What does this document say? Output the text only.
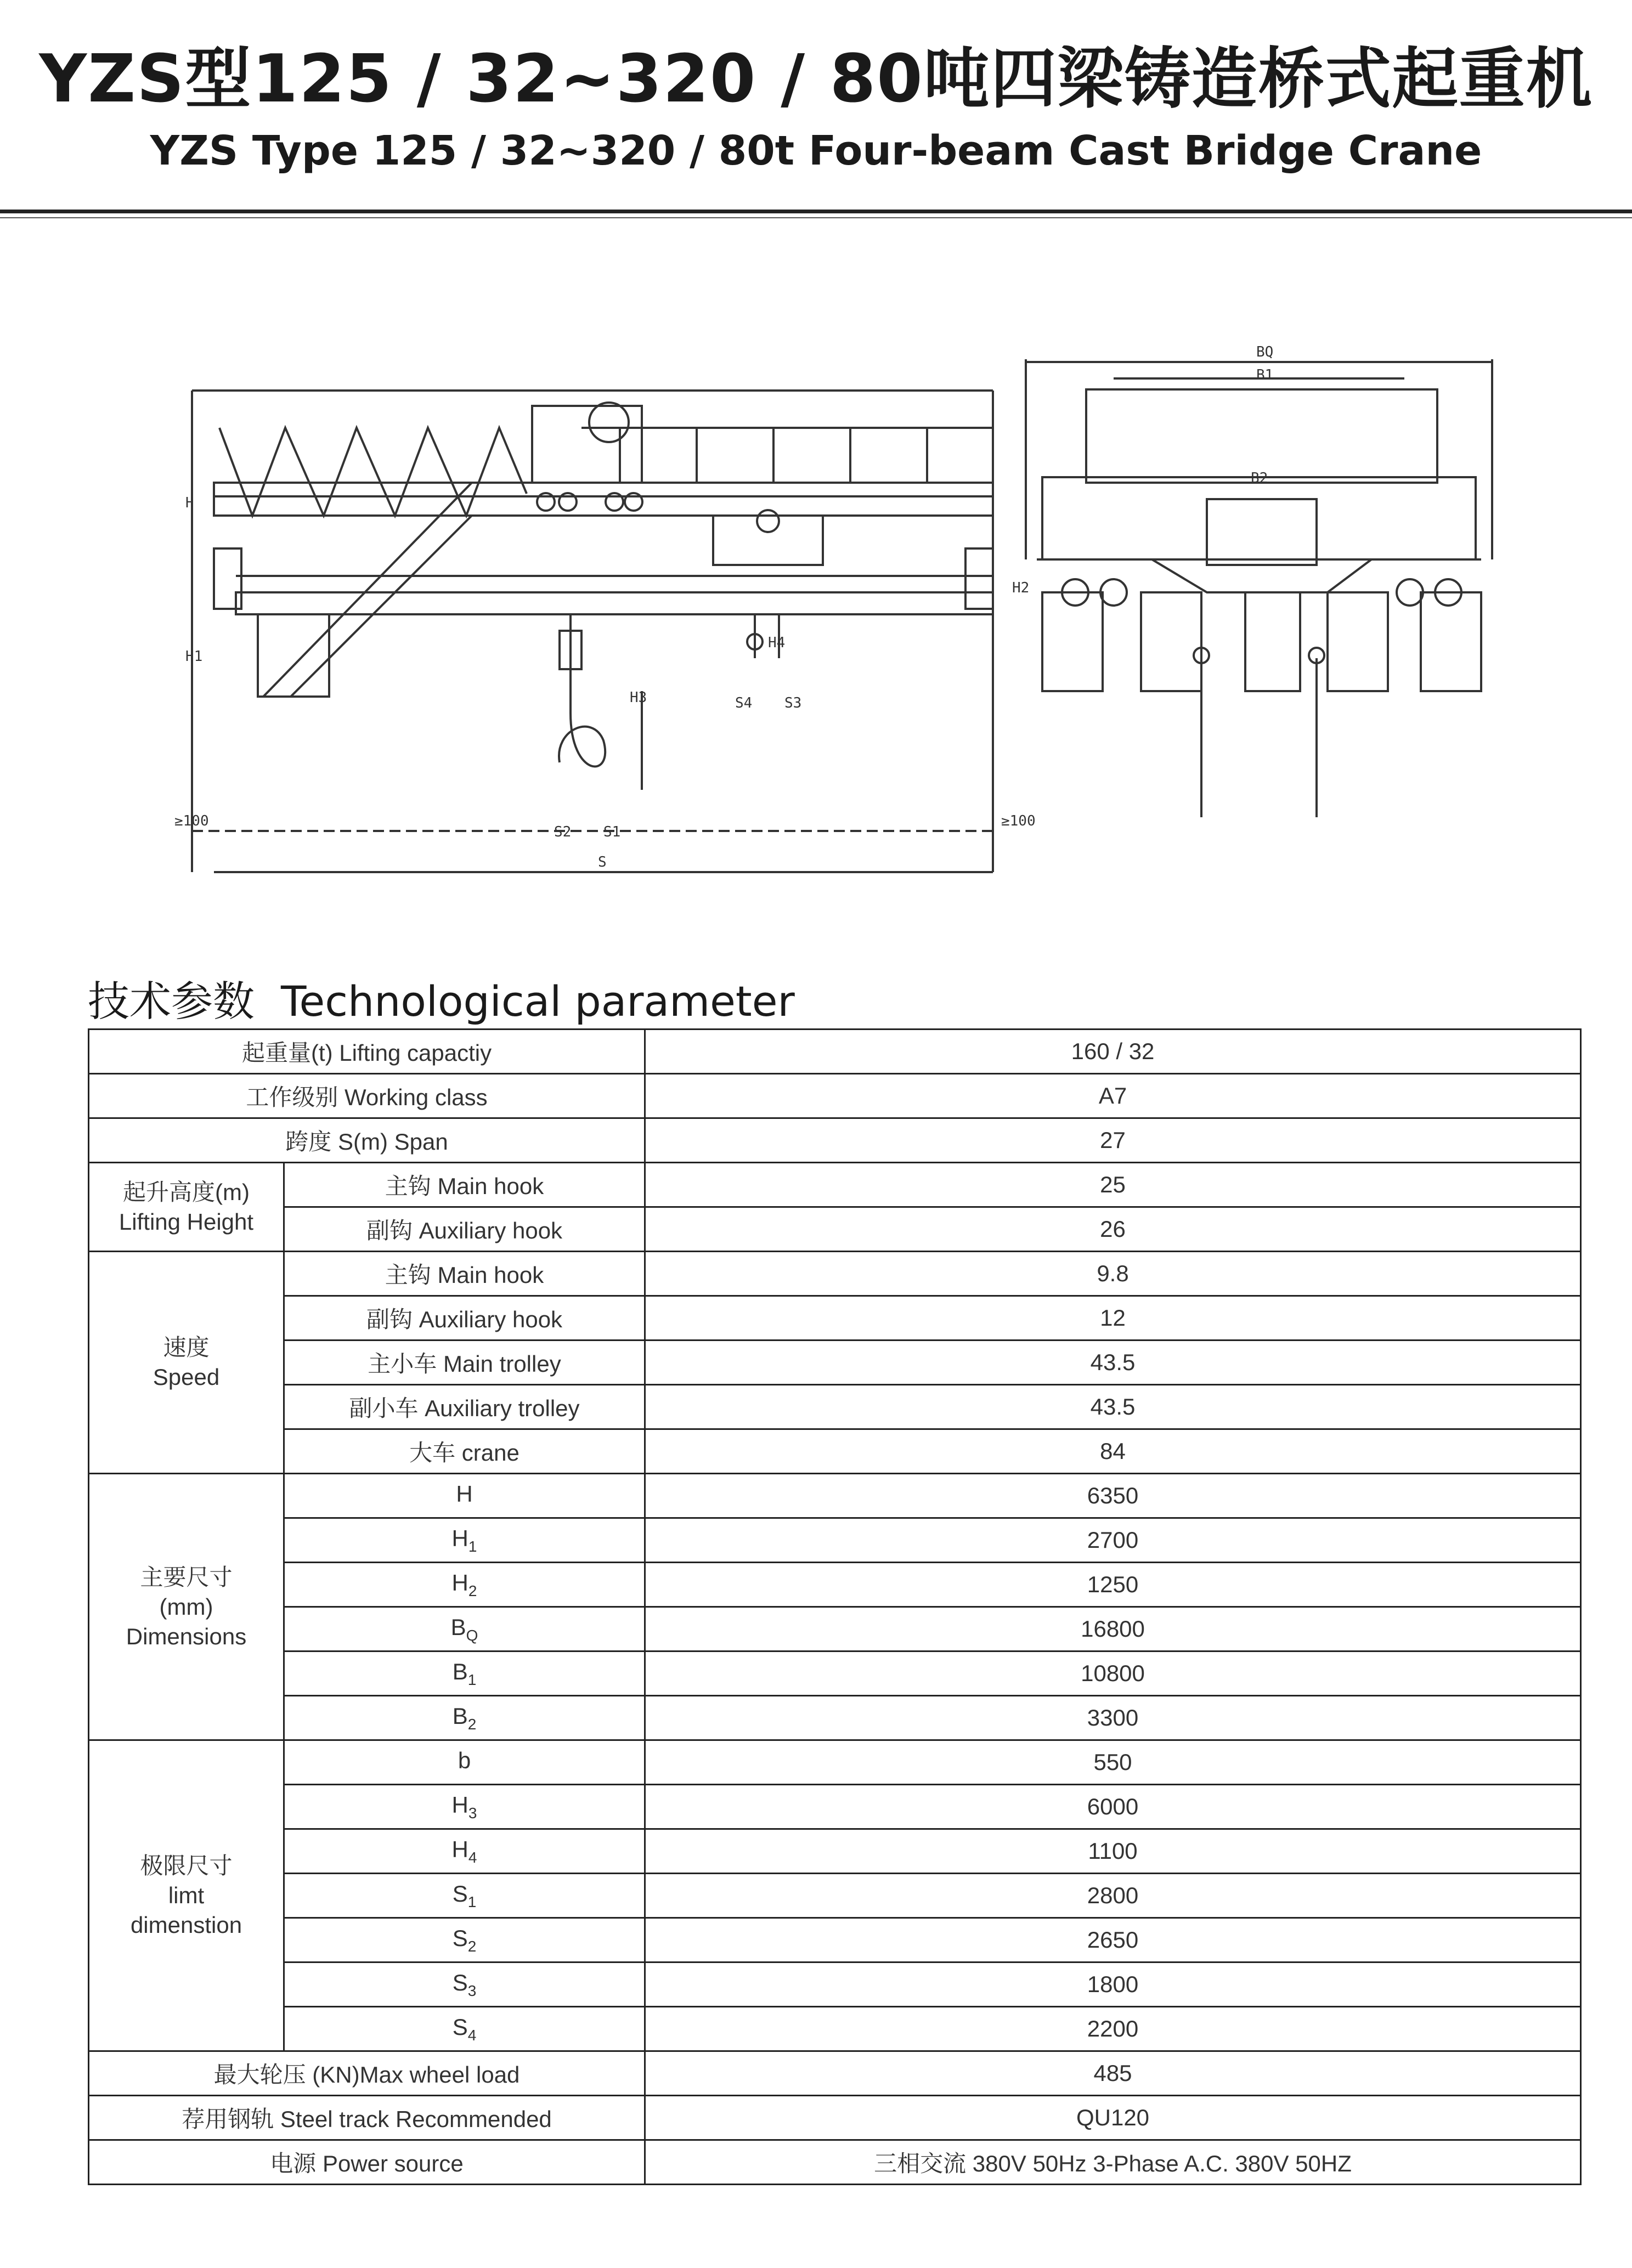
YZS型125 / 32~320 / 80吨四梁铸造桥式起重机
YZS Type 125 / 32~320 / 80t Four-beam Cast Bridge Crane
H
H1
H3
H4
S
S1
S2
S3
S4
≥100	≥100
BQ
B1
B2
H2
技术参数 Technological parameter
起重量(t) Lifting capactiy		160 / 32
工作级别 Working class		A7
跨度 S(m) Span		27

起升高度(m)
Lifting Height	主钩 Main hook	25
	副钩 Auxiliary hook	26

速度
Speed	主钩 Main hook	9.8
	副钩 Auxiliary hook	12
	主小车 Main trolley	43.5
	副小车 Auxiliary trolley	43.5
	大车 crane	84

主要尺寸
(mm)
Dimensions	H	6350
	$H_1$	2700
	$H_2$	1250
	$B_Q$	16800
	$B_1$	10800
	$B_2$	3300

极限尺寸
limt
dimenstion	b	550
	$H_3$	6000
	$H_4$	1100
	$S_1$	2800
	$S_2$	2650
	$S_3$	1800
	$S_4$	2200
最大轮压 (KN)Max wheel load		485
荐用钢轨 Steel track Recommended		QU120
电源 Power source		三相交流 380V 50Hz 3-Phase A.C. 380V 50HZ
